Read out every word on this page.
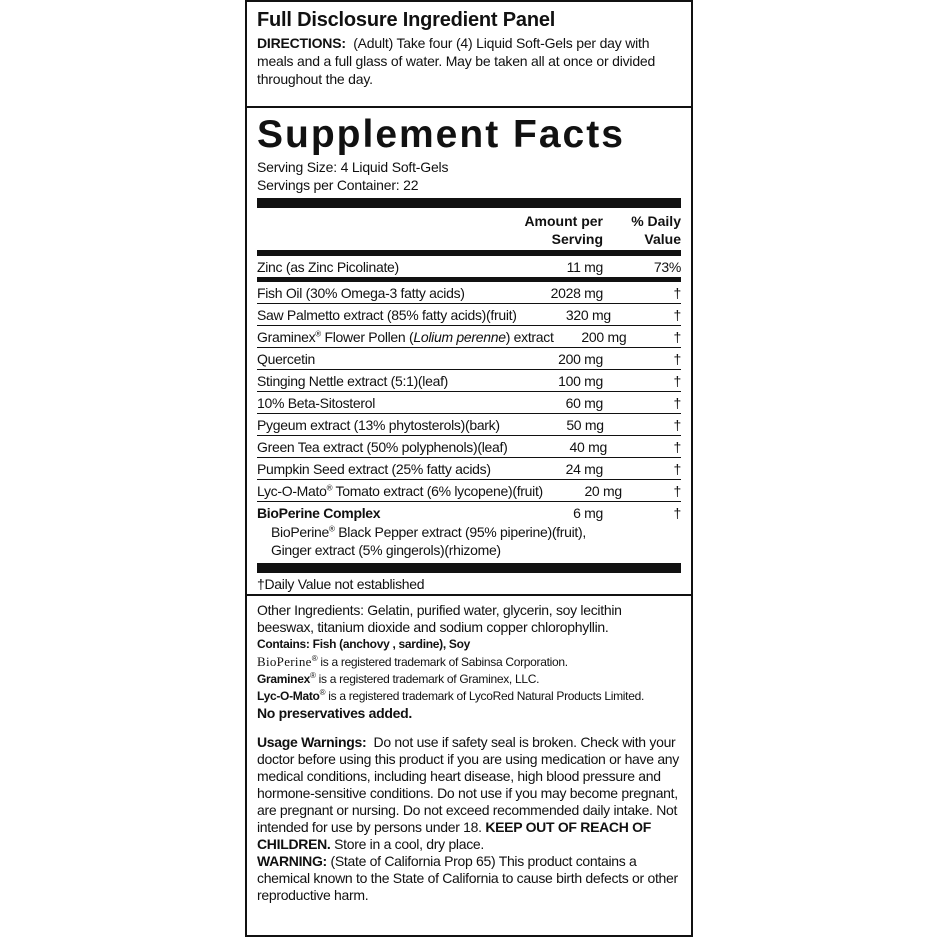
Full Disclosure Ingredient Panel

DIRECTIONS: (Adult) Take four (4) Liquid Soft-Gels per day with meals and a full glass of water. May be taken all at once or divided throughout the day.

Supplement Facts
Serving Size: 4 Liquid Soft-Gels
Servings per Container: 22
Amount per
Serving
% Daily
Value
Zinc (as Zinc Picolinate)	11 mg	73%
Fish Oil (30% Omega-3 fatty acids)	2028 mg	†
Saw Palmetto extract (85% fatty acids)(fruit)	320 mg	†
Graminex® Flower Pollen (Lolium perenne) extract	200 mg	†
Quercetin	200 mg	†
Stinging Nettle extract (5:1)(leaf)	100 mg	†
10% Beta-Sitosterol	60 mg	†
Pygeum extract (13% phytosterols)(bark)	50 mg	†
Green Tea extract (50% polyphenols)(leaf)	40 mg	†
Pumpkin Seed extract (25% fatty acids)	24 mg	†
Lyc-O-Mato® Tomato extract (6% lycopene)(fruit)	20 mg	†
BioPerine Complex	6 mg	†
BioPerine® Black Pepper extract (95% piperine)(fruit),
Ginger extract (5% gingerols)(rhizome)
†Daily Value not established

Other Ingredients: Gelatin, purified water, glycerin, soy lecithin
beeswax, titanium dioxide and sodium copper chlorophyllin.

Contains: Fish (anchovy , sardine), Soy

BioPerine® is a registered trademark of Sabinsa Corporation.

Graminex® is a registered trademark of Graminex, LLC.

Lyc-O-Mato® is a registered trademark of LycoRed Natural Products Limited.

No preservatives added.

Usage Warnings: Do not use if safety seal is broken. Check with your doctor before using this product if you are using medication or have any medical conditions, including heart disease, high blood pressure and hormone-sensitive conditions. Do not use if you may become pregnant, are pregnant or nursing. Do not exceed recommended daily intake. Not intended for use by persons under 18. KEEP OUT OF REACH OF CHILDREN. Store in a cool, dry place.
WARNING: (State of California Prop 65) This product contains a chemical known to the State of California to cause birth defects or other reproductive harm.
